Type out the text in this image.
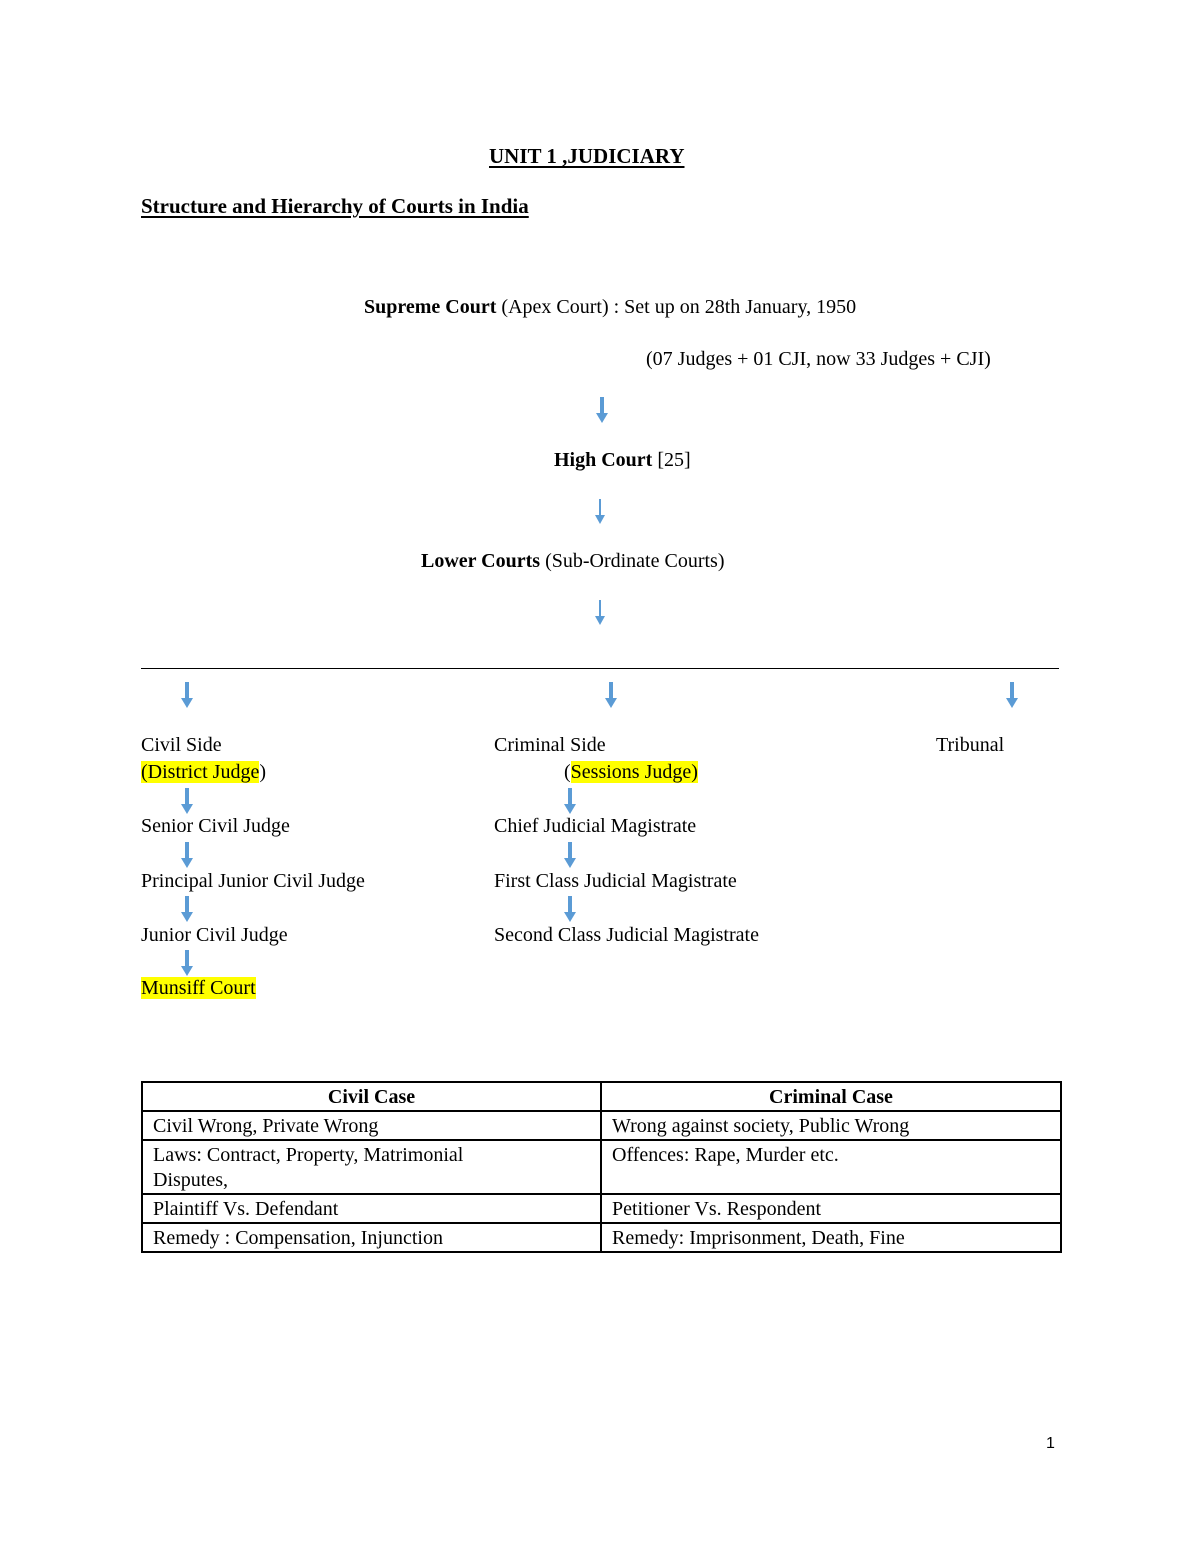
UNIT 1 ,JUDICIARY
Structure and Hierarchy of Courts in India
Supreme Court (Apex Court) : Set up on 28th January, 1950
(07 Judges + 01 CJI, now 33 Judges + CJI)
High Court [25]
Lower Courts (Sub-Ordinate Courts)
Civil Side
(District Judge)
Senior Civil Judge
Principal Junior Civil Judge
Junior Civil Judge
Munsiff Court
Criminal Side
(Sessions Judge)
Chief Judicial Magistrate
First Class Judicial Magistrate
Second Class Judicial Magistrate
Tribunal
Civil Case	Criminal Case
Civil Wrong, Private Wrong	Wrong against society, Public Wrong
Laws: Contract, Property, Matrimonial Disputes,	Offences: Rape, Murder etc.
Plaintiff Vs. Defendant	Petitioner Vs. Respondent
Remedy : Compensation, Injunction	Remedy: Imprisonment, Death, Fine
1
